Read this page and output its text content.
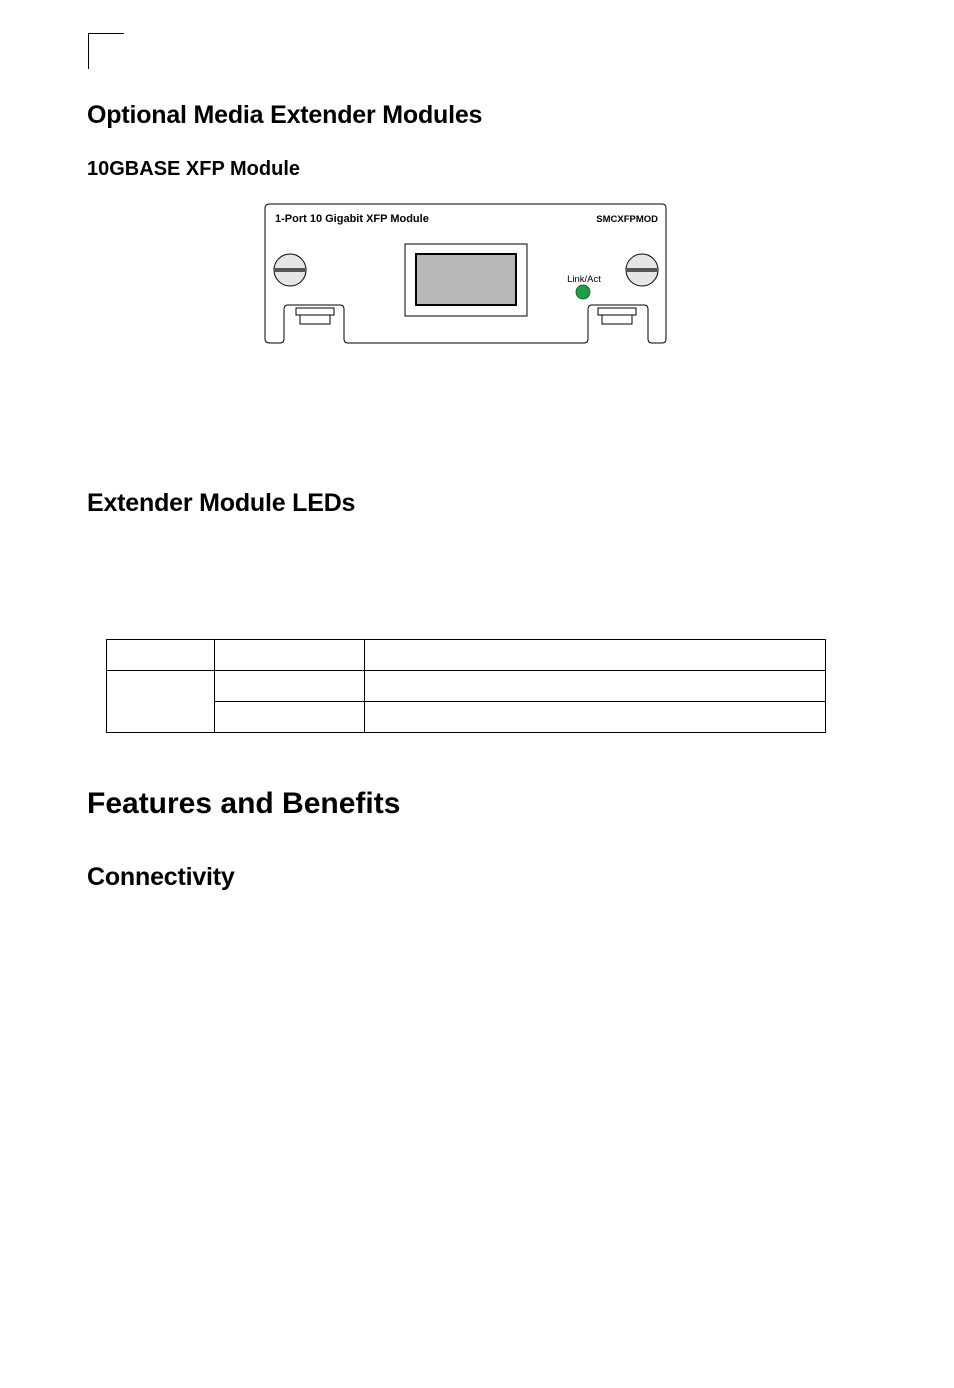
Optional Media Extender Modules
10GBASE XFP Module
1-Port 10 Gigabit XFP Module	SMCXFPMOD
Link/Act
Extender Module LEDs

Features and Benefits
Connectivity
